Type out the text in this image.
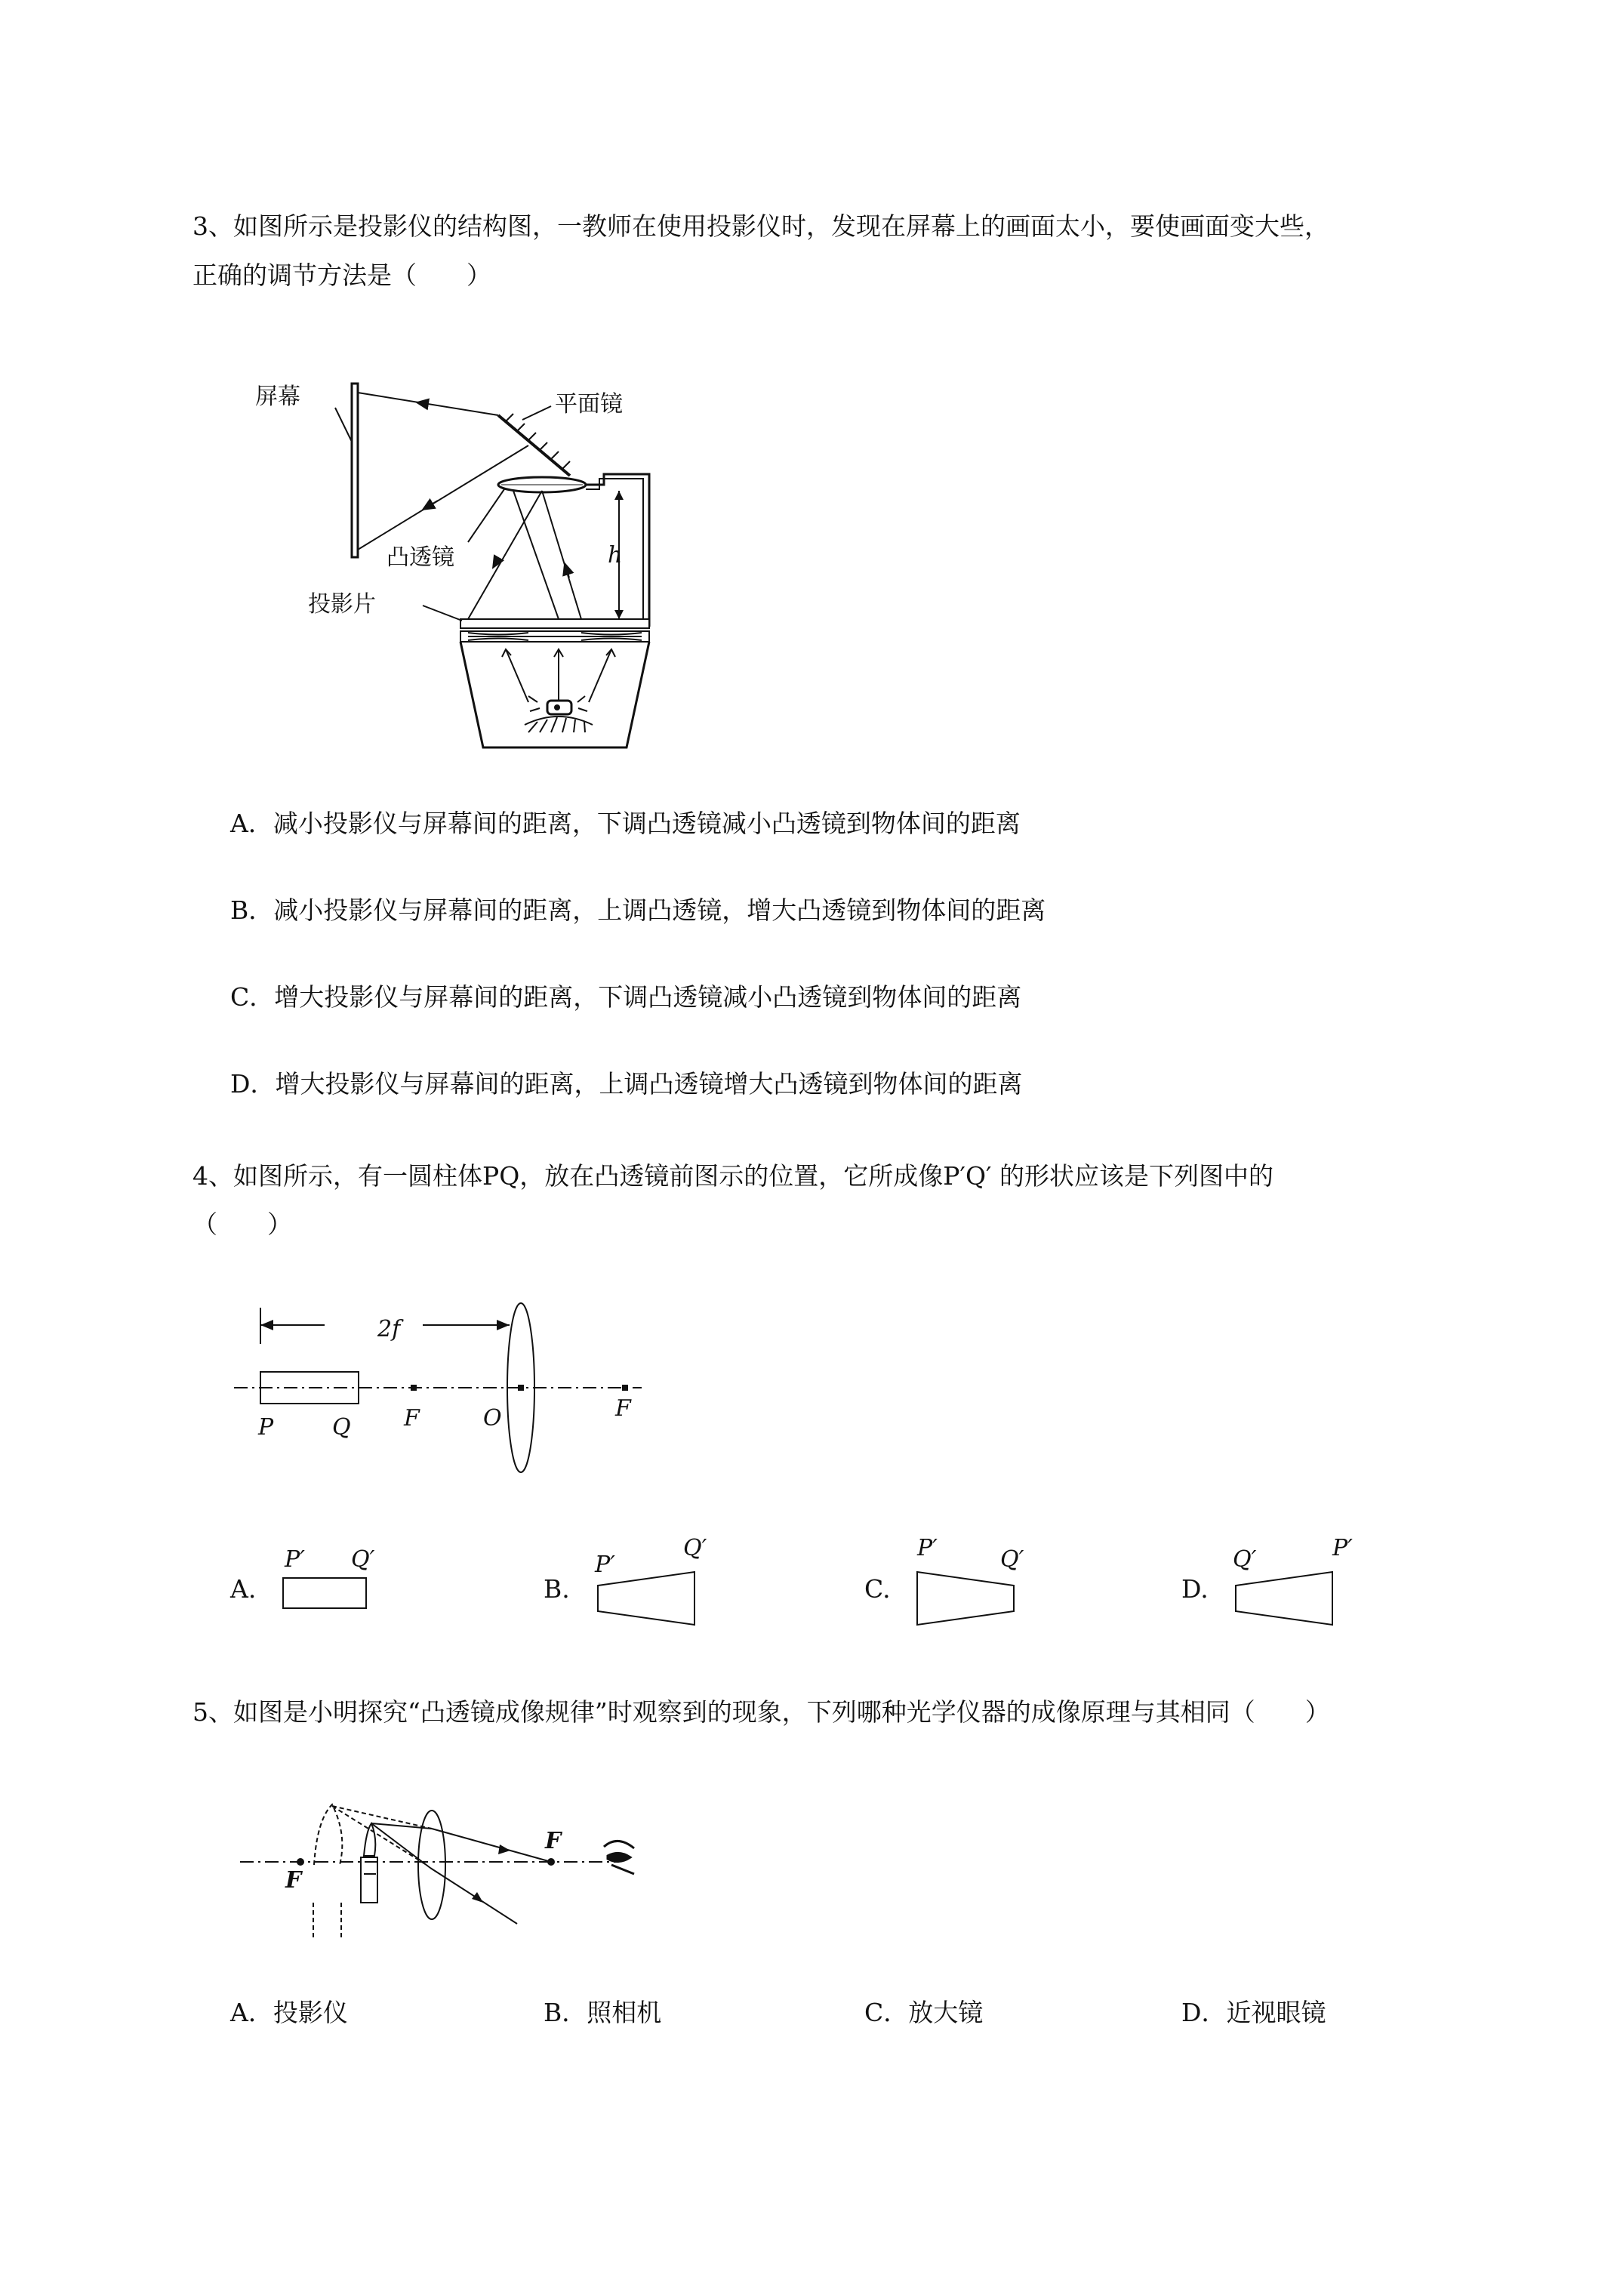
3、如图所示是投影仪的结构图，一教师在使用投影仪时，发现在屏幕上的画面太小，要使画面变大些，
正确的调节方法是（　　）
屏幕	平面镜
凸透镜	h
投影片
A．减小投影仪与屏幕间的距离，下调凸透镜减小凸透镜到物体间的距离
B．减小投影仪与屏幕间的距离，上调凸透镜，增大凸透镜到物体间的距离
C．增大投影仪与屏幕间的距离，下调凸透镜减小凸透镜到物体间的距离
D．增大投影仪与屏幕间的距离，上调凸透镜增大凸透镜到物体间的距离
4、如图所示，有一圆柱体PQ，放在凸透镜前图示的位置，它所成像P′Q′ 的形状应该是下列图中的
（　　）
2f
P	Q F	O	F
A.
P′ Q′
B.
P′
Q′
C.
P′	Q′
D.
Q′	P′
5、如图是小明探究“凸透镜成像规律”时观察到的现象，下列哪种光学仪器的成像原理与其相同（　　）
F
F
A．投影仪	B．照相机	C．放大镜	D．近视眼镜
